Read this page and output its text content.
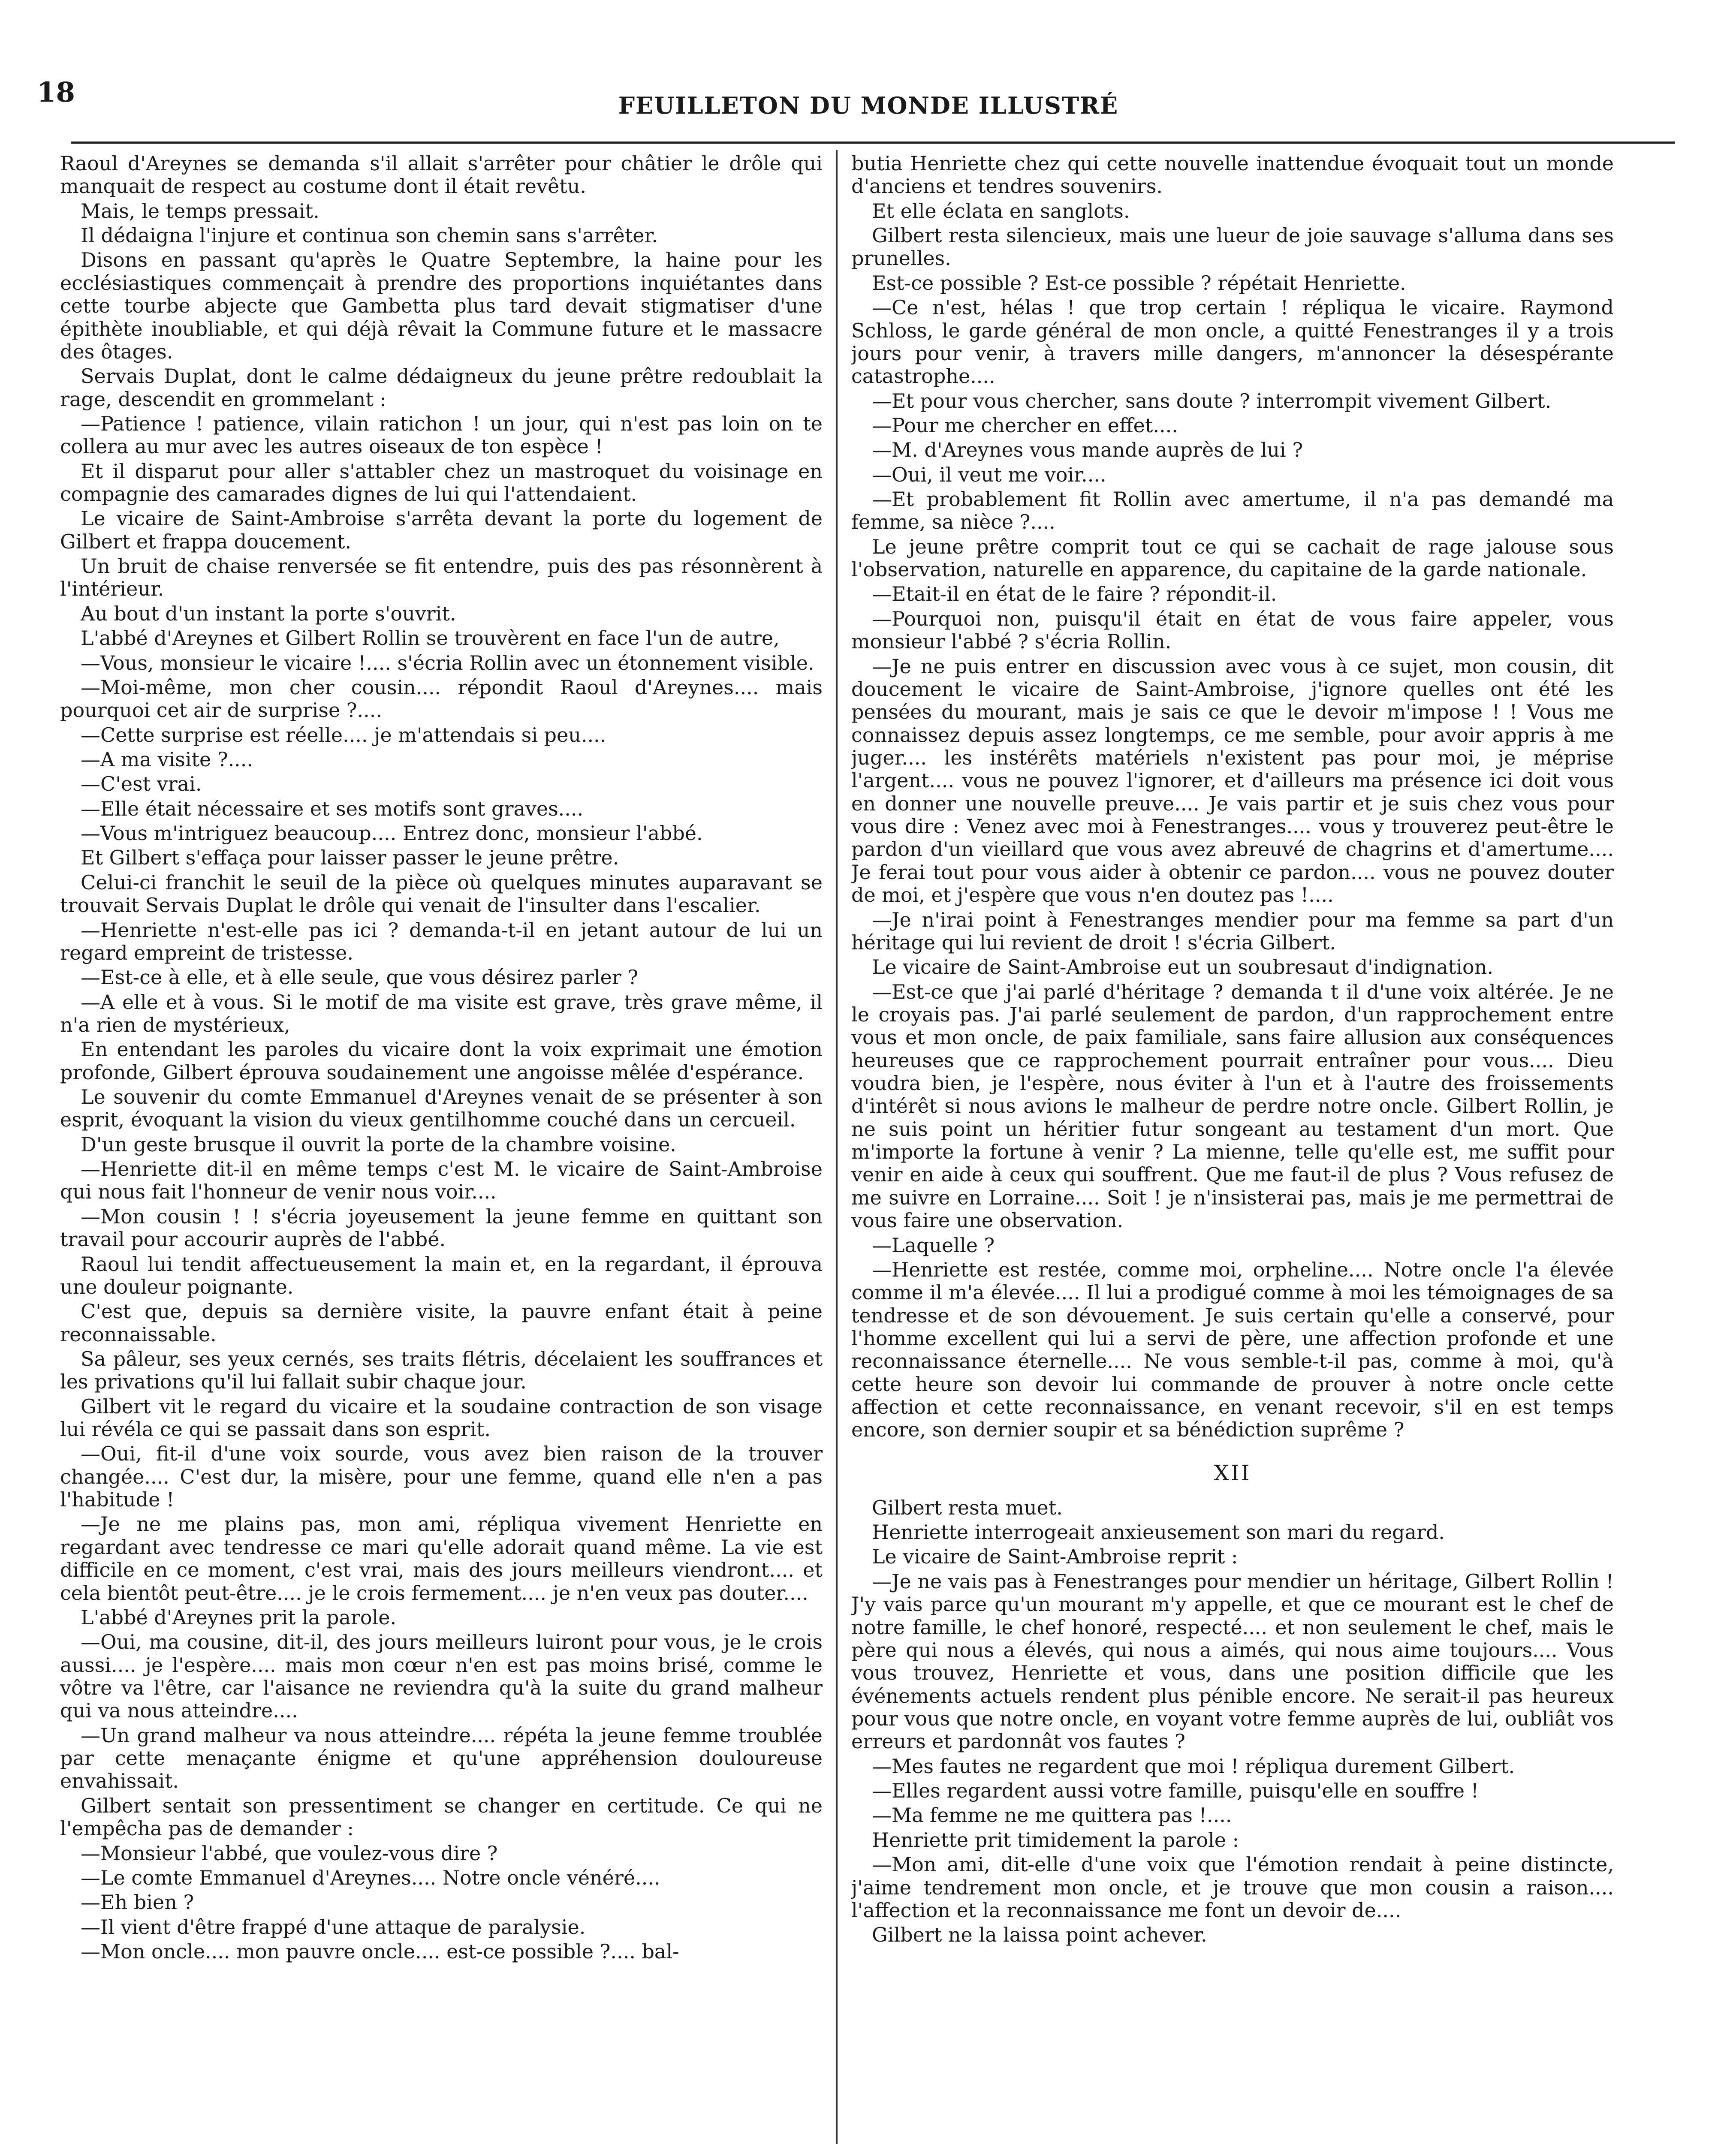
18	FEUILLETON DU MONDE ILLUSTRÉ

Raoul d'Areynes se demanda s'il allait s'arrêter pour châtier le drôle qui manquait de respect au costume dont il était revêtu.

Mais, le temps pressait.

Il dédaigna l'injure et continua son chemin sans s'arrêter.

Disons en passant qu'après le Quatre Septembre, la haine pour les ecclésiastiques commençait à prendre des proportions inquiétantes dans cette tourbe abjecte que Gambetta plus tard devait stigmatiser d'une épithète inoubliable, et qui déjà rêvait la Commune future et le massacre des ôtages.

Servais Duplat, dont le calme dédaigneux du jeune prêtre redoublait la rage, descendit en grommelant :

—Patience ! patience, vilain ratichon ! un jour, qui n'est pas loin on te collera au mur avec les autres oiseaux de ton espèce !

Et il disparut pour aller s'attabler chez un mastroquet du voisinage en compagnie des camarades dignes de lui qui l'attendaient.

Le vicaire de Saint-Ambroise s'arrêta devant la porte du logement de Gilbert et frappa doucement.

Un bruit de chaise renversée se fit entendre, puis des pas résonnèrent à l'intérieur.

Au bout d'un instant la porte s'ouvrit.

L'abbé d'Areynes et Gilbert Rollin se trouvèrent en face l'un de autre,

—Vous, monsieur le vicaire !.... s'écria Rollin avec un étonnement visible.

—Moi-même, mon cher cousin.... répondit Raoul d'Areynes.... mais pourquoi cet air de surprise ?....

—Cette surprise est réelle.... je m'attendais si peu....

—A ma visite ?....

—C'est vrai.

—Elle était nécessaire et ses motifs sont graves....

—Vous m'intriguez beaucoup.... Entrez donc, monsieur l'abbé.

Et Gilbert s'effaça pour laisser passer le jeune prêtre.

Celui-ci franchit le seuil de la pièce où quelques minutes auparavant se trouvait Servais Duplat le drôle qui venait de l'insulter dans l'escalier.

—Henriette n'est-elle pas ici ? demanda-t-il en jetant autour de lui un regard empreint de tristesse.

—Est-ce à elle, et à elle seule, que vous désirez parler ?

—A elle et à vous. Si le motif de ma visite est grave, très grave même, il n'a rien de mystérieux,

En entendant les paroles du vicaire dont la voix exprimait une émotion profonde, Gilbert éprouva soudainement une angoisse mêlée d'espérance.

Le souvenir du comte Emmanuel d'Areynes venait de se présenter à son esprit, évoquant la vision du vieux gentilhomme couché dans un cercueil.

D'un geste brusque il ouvrit la porte de la chambre voisine.

—Henriette dit-il en même temps c'est M. le vicaire de Saint-Ambroise qui nous fait l'honneur de venir nous voir....

—Mon cousin ! ! s'écria joyeusement la jeune femme en quittant son travail pour accourir auprès de l'abbé.

Raoul lui tendit affectueusement la main et, en la regardant, il éprouva une douleur poignante.

C'est que, depuis sa dernière visite, la pauvre enfant était à peine reconnaissable.

Sa pâleur, ses yeux cernés, ses traits flétris, décelaient les souffrances et les privations qu'il lui fallait subir chaque jour.

Gilbert vit le regard du vicaire et la soudaine contraction de son visage lui révéla ce qui se passait dans son esprit.

—Oui, fit-il d'une voix sourde, vous avez bien raison de la trouver changée.... C'est dur, la misère, pour une femme, quand elle n'en a pas l'habitude !

—Je ne me plains pas, mon ami, répliqua vivement Henriette en regardant avec tendresse ce mari qu'elle adorait quand même. La vie est difficile en ce moment, c'est vrai, mais des jours meilleurs viendront.... et cela bientôt peut-être.... je le crois fermement.... je n'en veux pas douter....

L'abbé d'Areynes prit la parole.

—Oui, ma cousine, dit-il, des jours meilleurs luiront pour vous, je le crois aussi.... je l'espère.... mais mon cœur n'en est pas moins brisé, comme le vôtre va l'être, car l'aisance ne reviendra qu'à la suite du grand malheur qui va nous atteindre....

—Un grand malheur va nous atteindre.... répéta la jeune femme troublée par cette menaçante énigme et qu'une appréhension douloureuse envahissait.

Gilbert sentait son pressentiment se changer en certitude. Ce qui ne l'empêcha pas de demander :

—Monsieur l'abbé, que voulez-vous dire ?

—Le comte Emmanuel d'Areynes.... Notre oncle vénéré....

—Eh bien ?

—Il vient d'être frappé d'une attaque de paralysie.

—Mon oncle.... mon pauvre oncle.... est-ce possible ?.... bal-

butia Henriette chez qui cette nouvelle inattendue évoquait tout un monde d'anciens et tendres souvenirs.

Et elle éclata en sanglots.

Gilbert resta silencieux, mais une lueur de joie sauvage s'alluma dans ses prunelles.

Est-ce possible ? Est-ce possible ? répétait Henriette.

—Ce n'est, hélas ! que trop certain ! répliqua le vicaire. Raymond Schloss, le garde général de mon oncle, a quitté Fenestranges il y a trois jours pour venir, à travers mille dangers, m'annoncer la désespérante catastrophe....

—Et pour vous chercher, sans doute ? interrompit vivement Gilbert.

—Pour me chercher en effet....

—M. d'Areynes vous mande auprès de lui ?

—Oui, il veut me voir....

—Et probablement fit Rollin avec amertume, il n'a pas demandé ma femme, sa nièce ?....

Le jeune prêtre comprit tout ce qui se cachait de rage jalouse sous l'observation, naturelle en apparence, du capitaine de la garde nationale.

—Etait-il en état de le faire ? répondit-il.

—Pourquoi non, puisqu'il était en état de vous faire appeler, vous monsieur l'abbé ? s'écria Rollin.

—Je ne puis entrer en discussion avec vous à ce sujet, mon cousin, dit doucement le vicaire de Saint-Ambroise, j'ignore quelles ont été les pensées du mourant, mais je sais ce que le devoir m'impose ! ! Vous me connaissez depuis assez longtemps, ce me semble, pour avoir appris à me juger.... les instérêts matériels n'existent pas pour moi, je méprise l'argent.... vous ne pouvez l'ignorer, et d'ailleurs ma présence ici doit vous en donner une nouvelle preuve.... Je vais partir et je suis chez vous pour vous dire : Venez avec moi à Fenestranges.... vous y trouverez peut-être le pardon d'un vieillard que vous avez abreuvé de chagrins et d'amertume.... Je ferai tout pour vous aider à obtenir ce pardon.... vous ne pouvez douter de moi, et j'espère que vous n'en doutez pas !....

—Je n'irai point à Fenestranges mendier pour ma femme sa part d'un héritage qui lui revient de droit ! s'écria Gilbert.

Le vicaire de Saint-Ambroise eut un soubresaut d'indignation.

—Est-ce que j'ai parlé d'héritage ? demanda t il d'une voix altérée. Je ne le croyais pas. J'ai parlé seulement de pardon, d'un rapprochement entre vous et mon oncle, de paix familiale, sans faire allusion aux conséquences heureuses que ce rapprochement pourrait entraîner pour vous.... Dieu voudra bien, je l'espère, nous éviter à l'un et à l'autre des froissements d'intérêt si nous avions le malheur de perdre notre oncle. Gilbert Rollin, je ne suis point un héritier futur songeant au testament d'un mort. Que m'importe la fortune à venir ? La mienne, telle qu'elle est, me suffit pour venir en aide à ceux qui souffrent. Que me faut-il de plus ? Vous refusez de me suivre en Lorraine.... Soit ! je n'insisterai pas, mais je me permettrai de vous faire une observation.

—Laquelle ?

—Henriette est restée, comme moi, orpheline.... Notre oncle l'a élevée comme il m'a élevée.... Il lui a prodigué comme à moi les témoignages de sa tendresse et de son dévouement. Je suis certain qu'elle a conservé, pour l'homme excellent qui lui a servi de père, une affection profonde et une reconnaissance éternelle.... Ne vous semble-t-il pas, comme à moi, qu'à cette heure son devoir lui commande de prouver à notre oncle cette affection et cette reconnaissance, en venant recevoir, s'il en est temps encore, son dernier soupir et sa bénédiction suprême ?

XII

Gilbert resta muet.

Henriette interrogeait anxieusement son mari du regard.

Le vicaire de Saint-Ambroise reprit :

—Je ne vais pas à Fenestranges pour mendier un héritage, Gilbert Rollin ! J'y vais parce qu'un mourant m'y appelle, et que ce mourant est le chef de notre famille, le chef honoré, respecté.... et non seulement le chef, mais le père qui nous a élevés, qui nous a aimés, qui nous aime toujours.... Vous vous trouvez, Henriette et vous, dans une position difficile que les événements actuels rendent plus pénible encore. Ne serait-il pas heureux pour vous que notre oncle, en voyant votre femme auprès de lui, oubliât vos erreurs et pardonnât vos fautes ?

—Mes fautes ne regardent que moi ! répliqua durement Gilbert.

—Elles regardent aussi votre famille, puisqu'elle en souffre !

—Ma femme ne me quittera pas !....

Henriette prit timidement la parole :

—Mon ami, dit-elle d'une voix que l'émotion rendait à peine distincte, j'aime tendrement mon oncle, et je trouve que mon cousin a raison.... l'affection et la reconnaissance me font un devoir de....

Gilbert ne la laissa point achever.
